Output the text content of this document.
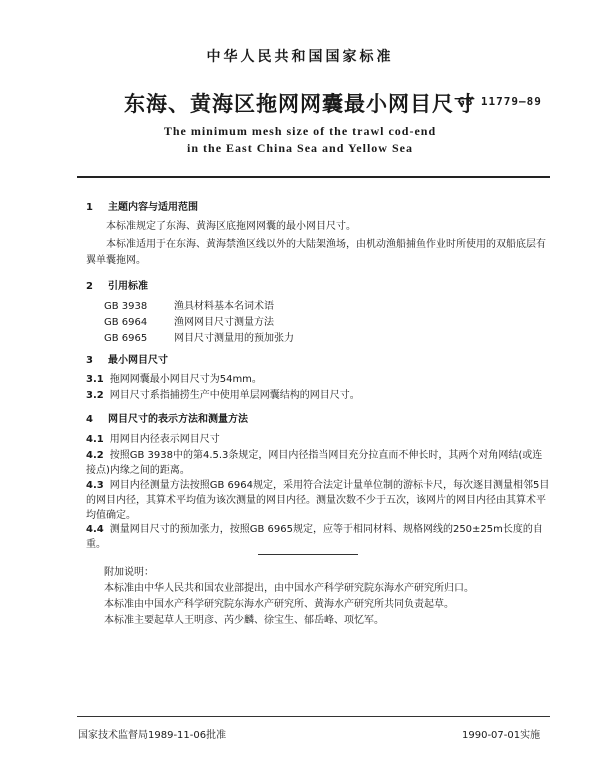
中华人民共和国国家标准
东海、黄海区拖网网囊最小网目尺寸
GB 11779—89
The minimum mesh size of the trawl cod-end
in the East China Sea and Yellow Sea
1 主题内容与适用范围
本标准规定了东海、黄海区底拖网网囊的最小网目尺寸。
本标准适用于在东海、黄海禁渔区线以外的大陆架渔场，由机动渔船捕鱼作业时所使用的双船底层有翼单囊拖网。
2 引用标准
GB 3938	渔具材料基本名词术语
GB 6964	渔网网目尺寸测量方法
GB 6965	网目尺寸测量用的预加张力
3 最小网目尺寸
3.1 拖网网囊最小网目尺寸为54mm。
3.2 网目尺寸系指捕捞生产中使用单层网囊结构的网目尺寸。
4 网目尺寸的表示方法和测量方法
4.1 用网目内径表示网目尺寸
4.2 按照GB 3938中的第4.5.3条规定，网目内径指当网目充分拉直而不伸长时，其两个对角网结(或连接点)内缘之间的距离。
4.3 网目内径测量方法按照GB 6964规定，采用符合法定计量单位制的游标卡尺，每次逐目测量相邻5目的网目内径，其算术平均值为该次测量的网目内径。测量次数不少于五次，该网片的网目内径由其算术平均值确定。
4.4 测量网目尺寸的预加张力，按照GB 6965规定，应等于相同材料、规格网线的250±25m长度的自重。
附加说明：
本标准由中华人民共和国农业部提出，由中国水产科学研究院东海水产研究所归口。
本标准由中国水产科学研究院东海水产研究所、黄海水产研究所共同负责起草。
本标准主要起草人王明彦、芮少麟、徐宝生、郁岳峰、项忆军。
国家技术监督局1989-11-06批准	1990-07-01实施
